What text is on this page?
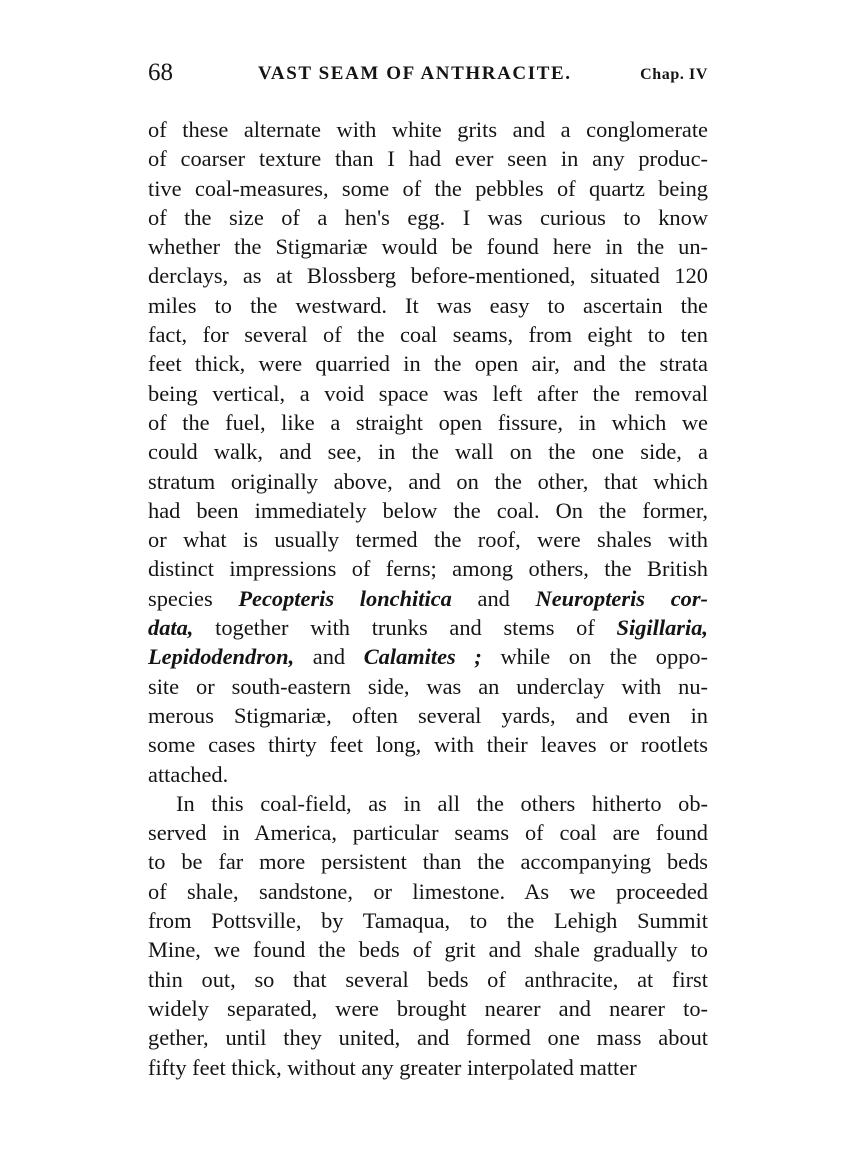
68	VAST SEAM OF ANTHRACITE.	Chap. IV
of these alternate with white grits and a conglomerate
of coarser texture than I had ever seen in any produc-
tive coal-measures, some of the pebbles of quartz being
of the size of a hen's egg. I was curious to know
whether the Stigmariæ would be found here in the un-
derclays, as at Blossberg before-mentioned, situated 120
miles to the westward. It was easy to ascertain the
fact, for several of the coal seams, from eight to ten
feet thick, were quarried in the open air, and the strata
being vertical, a void space was left after the removal
of the fuel, like a straight open fissure, in which we
could walk, and see, in the wall on the one side, a
stratum originally above, and on the other, that which
had been immediately below the coal. On the former,
or what is usually termed the roof, were shales with
distinct impressions of ferns; among others, the British
species Pecopteris lonchitica and Neuropteris cor-
data, together with trunks and stems of Sigillaria,
Lepidodendron, and Calamites ; while on the oppo-
site or south-eastern side, was an underclay with nu-
merous Stigmariæ, often several yards, and even in
some cases thirty feet long, with their leaves or rootlets
attached.
In this coal-field, as in all the others hitherto ob-
served in America, particular seams of coal are found
to be far more persistent than the accompanying beds
of shale, sandstone, or limestone. As we proceeded
from Pottsville, by Tamaqua, to the Lehigh Summit
Mine, we found the beds of grit and shale gradually to
thin out, so that several beds of anthracite, at first
widely separated, were brought nearer and nearer to-
gether, until they united, and formed one mass about
fifty feet thick, without any greater interpolated matter
